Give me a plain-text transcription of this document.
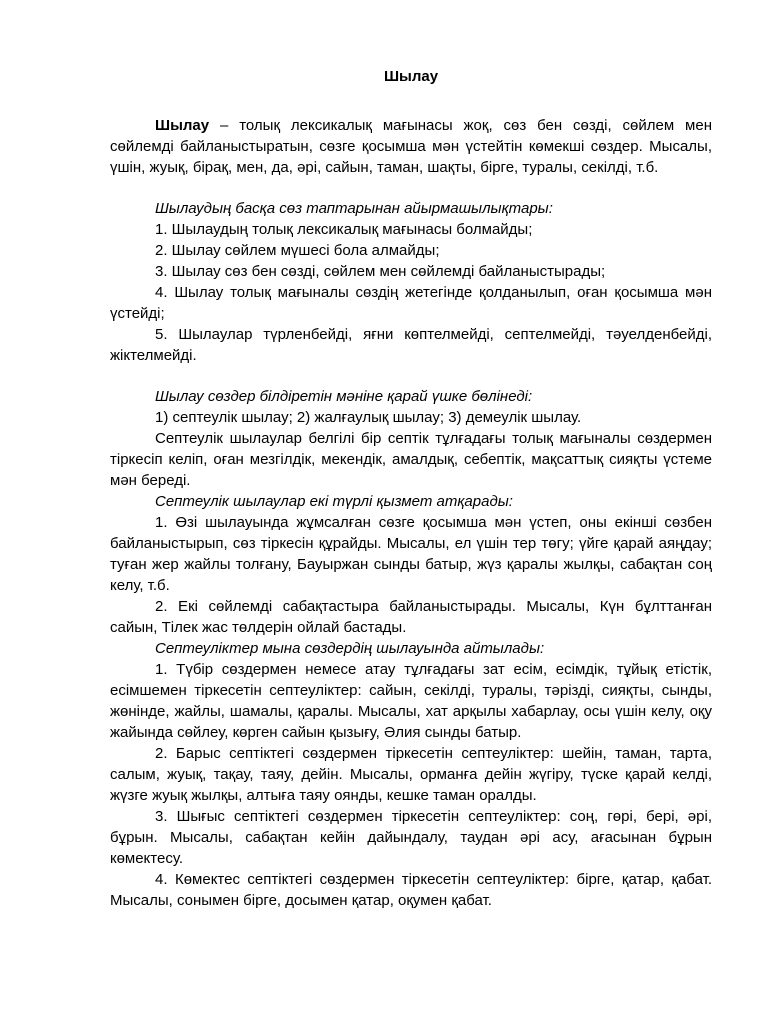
Шылау

Шылау – толық лексикалық мағынасы жоқ, сөз бен сөзді, сөйлем мен сөйлемді байланыстыратын, сөзге қосымша мән үстейтін көмекші сөздер. Мысалы, үшін, жуық, бірақ, мен, да, әрі, сайын, таман, шақты, бірге, туралы, секілді, т.б.

Шылаудың басқа сөз таптарынан айырмашылықтары:

1. Шылаудың толық лексикалық мағынасы болмайды;

2. Шылау сөйлем мүшесі бола алмайды;

3. Шылау сөз бен сөзді, сөйлем мен сөйлемді байланыстырады;

4. Шылау толық мағыналы сөздің жетегінде қолданылып, оған қосымша мән үстейді;

5. Шылаулар түрленбейді, яғни көптелмейді, септелмейді, тәуелденбейді, жіктелмейді.

Шылау сөздер білдіретін мәніне қарай үшке бөлінеді:

1) септеулік шылау; 2) жалғаулық шылау; 3) демеулік шылау.

Септеулік шылаулар белгілі бір септік тұлғадағы толық мағыналы сөздермен тіркесіп келіп, оған мезгілдік, мекендік, амалдық, себептік, мақсаттық сияқты үстеме мән береді.

Септеулік шылаулар екі түрлі қызмет атқарады:

1. Өзі шылауында жұмсалған сөзге қосымша мән үстеп, оны екінші сөзбен байланыстырып, сөз тіркесін құрайды. Мысалы, ел үшін тер төгу; үйге қарай аяңдау; туған жер жайлы толғану, Бауыржан сынды батыр, жүз қаралы жылқы, сабақтан соң келу, т.б.

2. Екі сөйлемді сабақтастыра байланыстырады. Мысалы, Күн бұлттанған сайын, Тілек жас төлдерін ойлай бастады.

Септеуліктер мына сөздердің шылауында айтылады:

1. Түбір сөздермен немесе атау тұлғадағы зат есім, есімдік, тұйық етістік, есімшемен тіркесетін септеуліктер: сайын, секілді, туралы, тәрізді, сияқты, сынды, жөнінде, жайлы, шамалы, қаралы. Мысалы, хат арқылы хабарлау, осы үшін келу, оқу жайында сөйлеу, көрген сайын қызығу, Әлия сынды батыр.

2. Барыс септіктегі сөздермен тіркесетін септеуліктер: шейін, таман, тарта, салым, жуық, тақау, таяу, дейін. Мысалы, орманға дейін жүгіру, түске қарай келді, жүзге жуық жылқы, алтыға таяу оянды, кешке таман оралды.

3. Шығыс септіктегі сөздермен тіркесетін септеуліктер: соң, гөрі, бері, әрі, бұрын. Мысалы, сабақтан кейін дайындалу, таудан әрі асу, ағасынан бұрын көмектесу.

4. Көмектес септіктегі сөздермен тіркесетін септеуліктер: бірге, қатар, қабат. Мысалы, сонымен бірге, досымен қатар, оқумен қабат.
